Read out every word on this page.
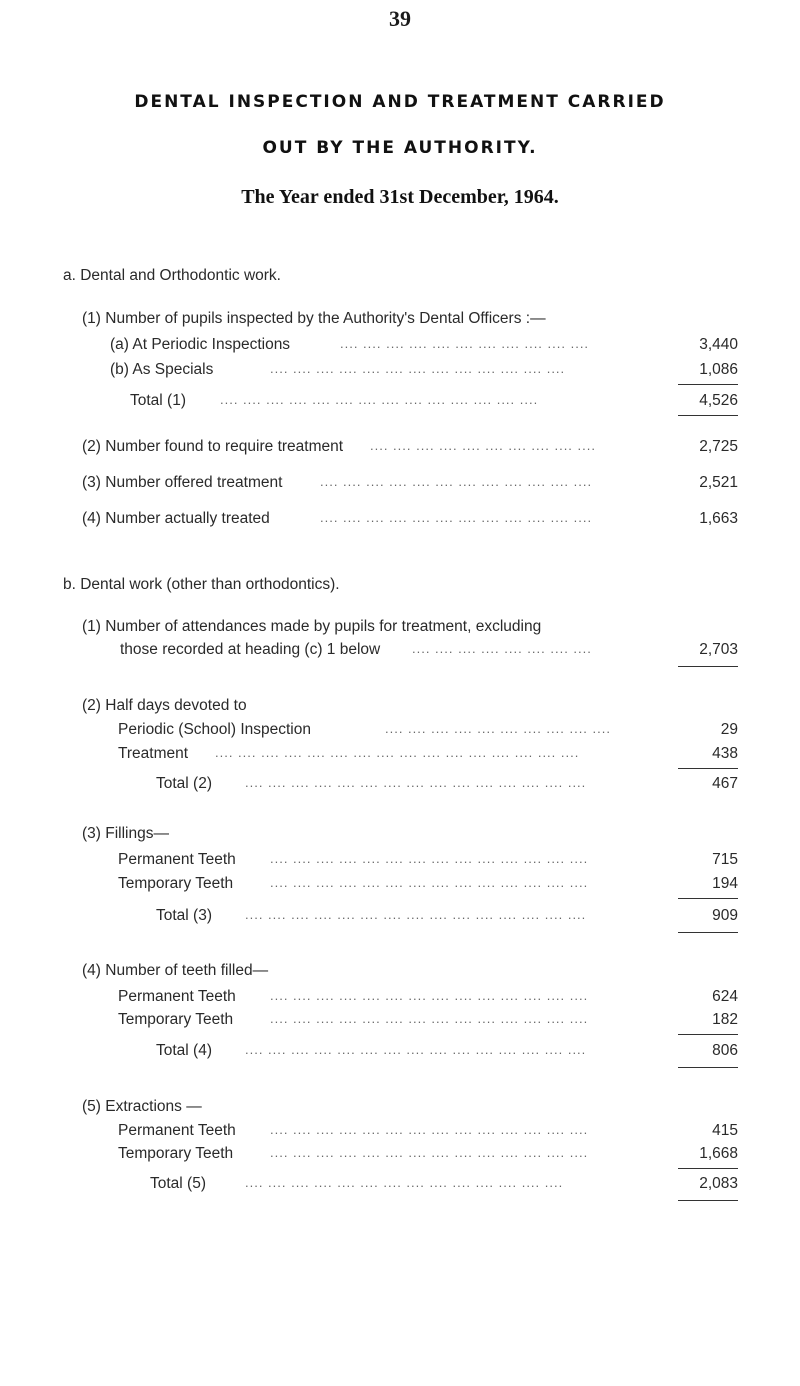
39
DENTAL INSPECTION AND TREATMENT CARRIED
OUT BY THE AUTHORITY.
The Year ended 31st December, 1964.
a. Dental and Orthodontic work.
(1) Number of pupils inspected by the Authority's Dental Officers :—
(a) At Periodic Inspections	.... .... .... .... .... .... .... .... .... .... ....	3,440
(b) As Specials	.... .... .... .... .... .... .... .... .... .... .... .... ....	1,086
Total (1)	.... .... .... .... .... .... .... .... .... .... .... .... .... ....	4,526
(2) Number found to require treatment .... .... .... .... .... .... .... .... .... ....	2,725
(3) Number offered treatment	.... .... .... .... .... .... .... .... .... .... .... ....	2,521
(4) Number actually treated	.... .... .... .... .... .... .... .... .... .... .... ....	1,663
b. Dental work (other than orthodontics).
(1) Number of attendances made by pupils for treatment, excluding
those recorded at heading (c) 1 below .... .... .... .... .... .... .... ....	2,703
(2) Half days devoted to
Periodic (School) Inspection	.... .... .... .... .... .... .... .... .... ....	29
Treatment .... .... .... .... .... .... .... .... .... .... .... .... .... .... .... ....	438
Total (2)	.... .... .... .... .... .... .... .... .... .... .... .... .... .... ....	467
(3) Fillings—
Permanent Teeth	.... .... .... .... .... .... .... .... .... .... .... .... .... ....	715
Temporary Teeth	.... .... .... .... .... .... .... .... .... .... .... .... .... ....	194
Total (3)	.... .... .... .... .... .... .... .... .... .... .... .... .... .... ....	909
(4) Number of teeth filled—
Permanent Teeth	.... .... .... .... .... .... .... .... .... .... .... .... .... ....	624
Temporary Teeth	.... .... .... .... .... .... .... .... .... .... .... .... .... ....	182
Total (4)	.... .... .... .... .... .... .... .... .... .... .... .... .... .... ....	806
(5) Extractions —
Permanent Teeth	.... .... .... .... .... .... .... .... .... .... .... .... .... ....	415
Temporary Teeth	.... .... .... .... .... .... .... .... .... .... .... .... .... ....	1,668
Total (5)	.... .... .... .... .... .... .... .... .... .... .... .... .... ....	2,083
